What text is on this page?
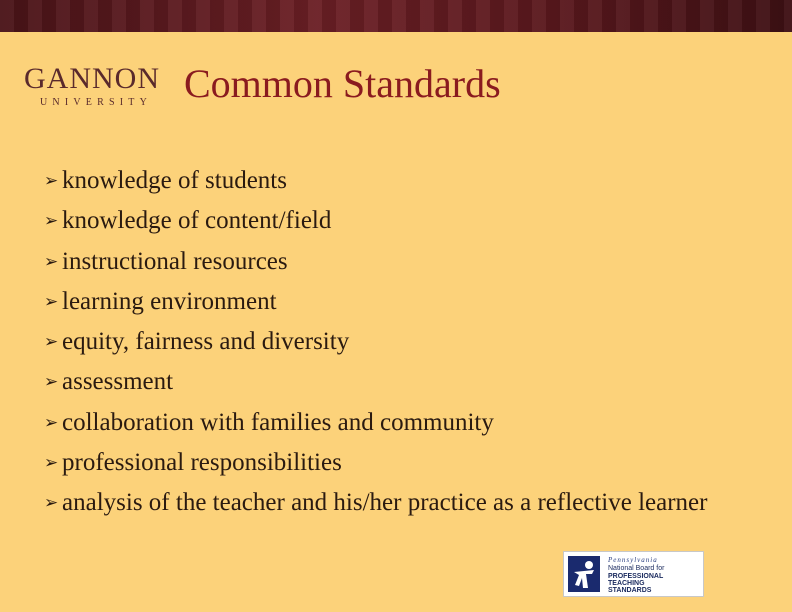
GANNON
UNIVERSITY Common Standards
➢ knowledge of students
➢ knowledge of content/field
➢ instructional resources
➢ learning environment
➢ equity, fairness and diversity
➢ assessment
➢ collaboration with families and community
➢ professional responsibilities
➢ analysis of the teacher and his/her practice as a reflective learner
Pennsylvania
National Board for
PROFESSIONAL
TEACHING
STANDARDS
